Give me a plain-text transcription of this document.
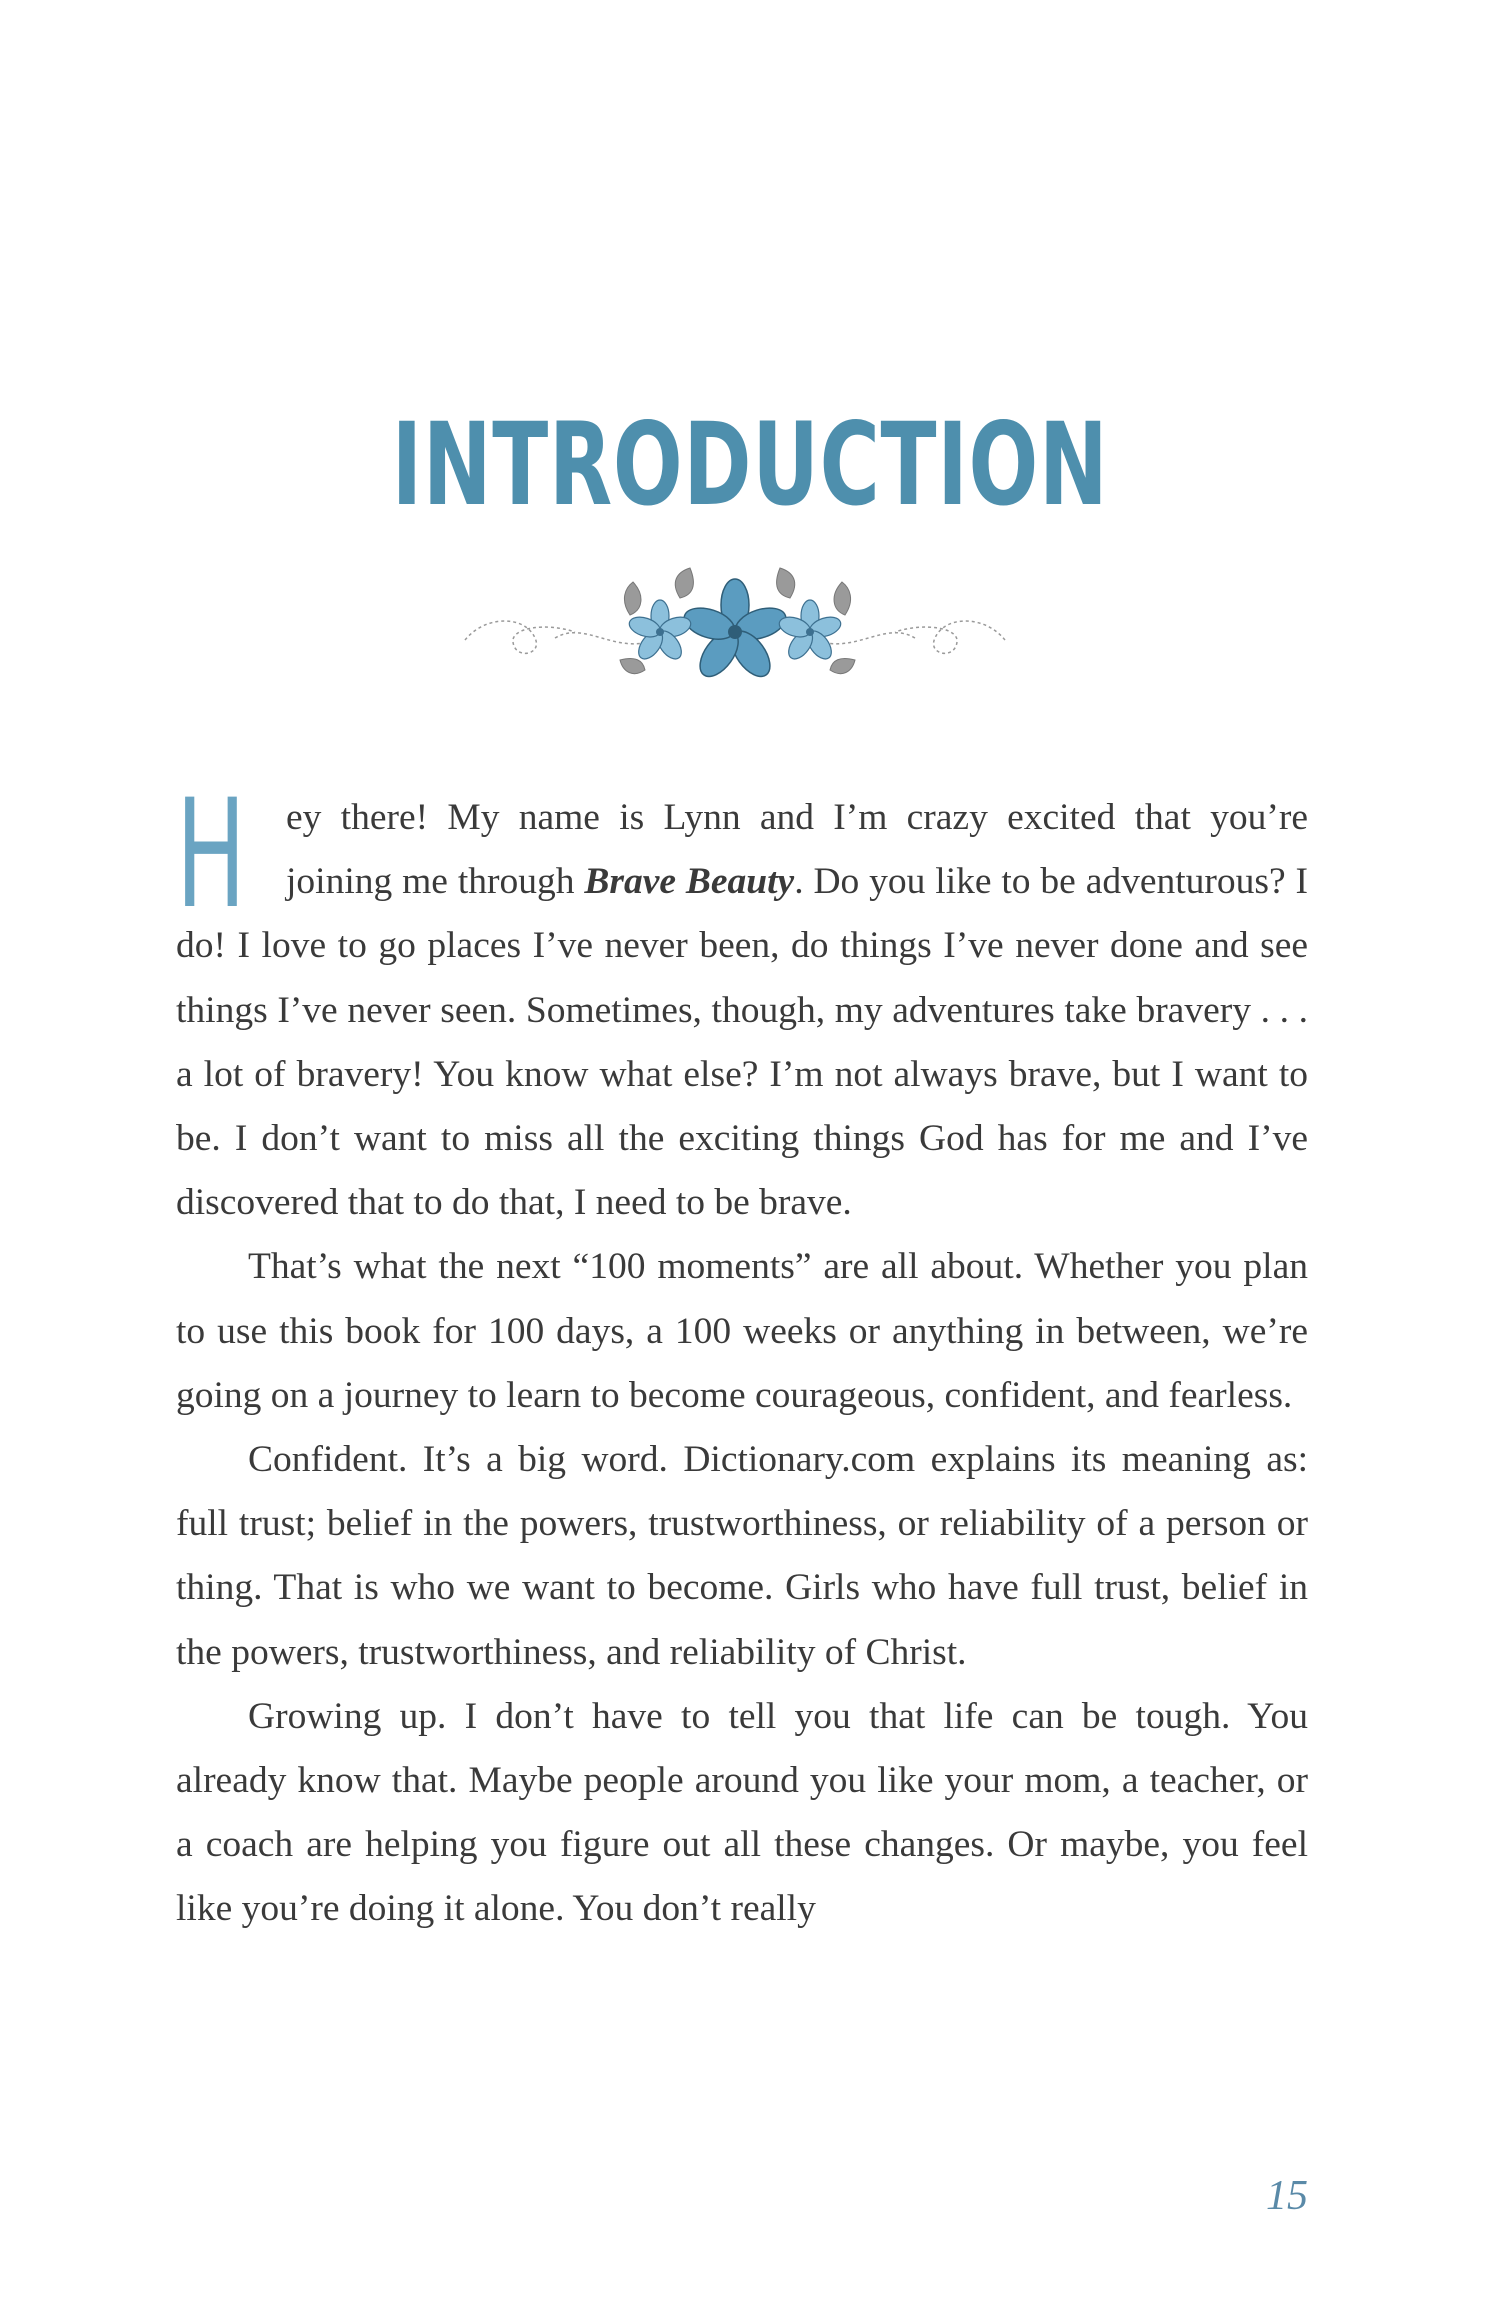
INTRODUCTION

H ey there! My name is Lynn and I’m crazy excited that you’re joining me through Brave Beauty. Do you like to be adventurous? I do! I love to go places I’ve never been, do things I’ve never done and see things I’ve never seen. Sometimes, though, my adventures take bravery . . . a lot of bravery! You know what else? I’m not always brave, but I want to be. I don’t want to miss all the exciting things God has for me and I’ve discovered that to do that, I need to be brave.

That’s what the next “100 moments” are all about. Whether you plan to use this book for 100 days, a 100 weeks or anything in between, we’re going on a journey to learn to become courageous, confident, and fearless.

Confident. It’s a big word. Dictionary.com explains its meaning as: full trust; belief in the powers, trustworthiness, or reliability of a person or thing. That is who we want to become. Girls who have full trust, belief in the powers, trustworthiness, and reliability of Christ.

Growing up. I don’t have to tell you that life can be tough. You already know that. Maybe people around you like your mom, a teacher, or a coach are helping you figure out all these changes. Or maybe, you feel like you’re doing it alone. You don’t really

15
